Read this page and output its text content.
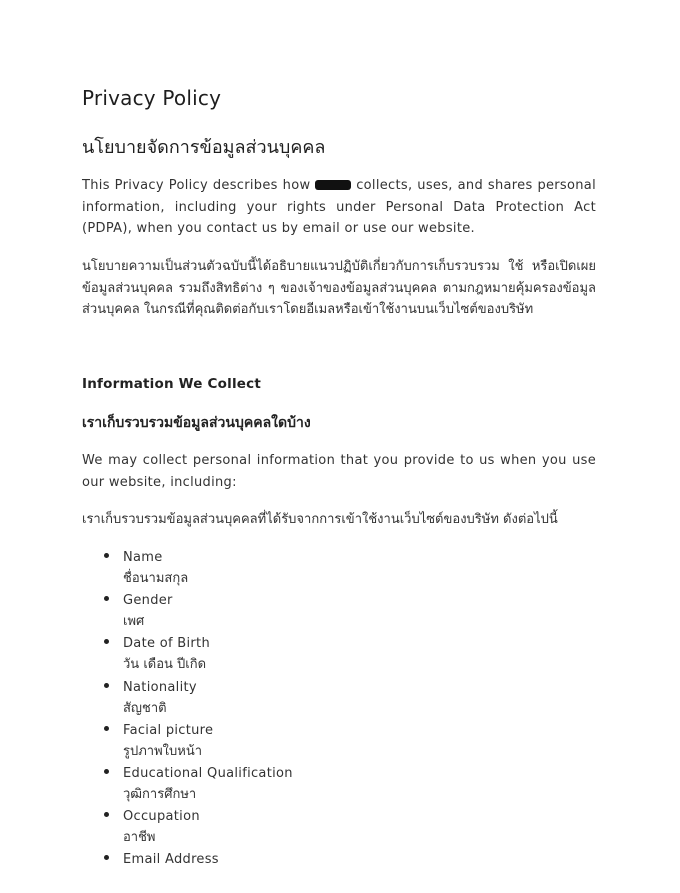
Privacy Policy
นโยบายจัดการข้อมูลส่วนบุคคล

This Privacy Policy describes how	collects, uses, and shares personal information, including your rights under Personal Data Protection Act (PDPA), when you contact us by email or use our website.

นโยบายความเป็นส่วนตัวฉบับนี้ได้อธิบายแนวปฏิบัติเกี่ยวกับการเก็บรวบรวม ใช้ หรือเปิดเผยข้อมูลส่วนบุคคล รวมถึงสิทธิต่าง ๆ ของเจ้าของข้อมูลส่วนบุคคล ตามกฎหมายคุ้มครองข้อมูลส่วนบุคคล ในกรณีที่คุณติดต่อกับเราโดยอีเมลหรือเข้าใช้งานบนเว็บไซต์ของบริษัท

Information We Collect
เราเก็บรวบรวมข้อมูลส่วนบุคคลใดบ้าง

We may collect personal information that you provide to us when you use our website, including:

เราเก็บรวบรวมข้อมูลส่วนบุคคลที่ได้รับจากการเข้าใช้งานเว็บไซต์ของบริษัท ดังต่อไปนี้

Name
ชื่อนามสกุล
Gender
เพศ
Date of Birth
วัน เดือน ปีเกิด
Nationality
สัญชาติ
Facial picture
รูปภาพใบหน้า
Educational Qualification
วุฒิการศึกษา
Occupation
อาชีพ
Email Address
